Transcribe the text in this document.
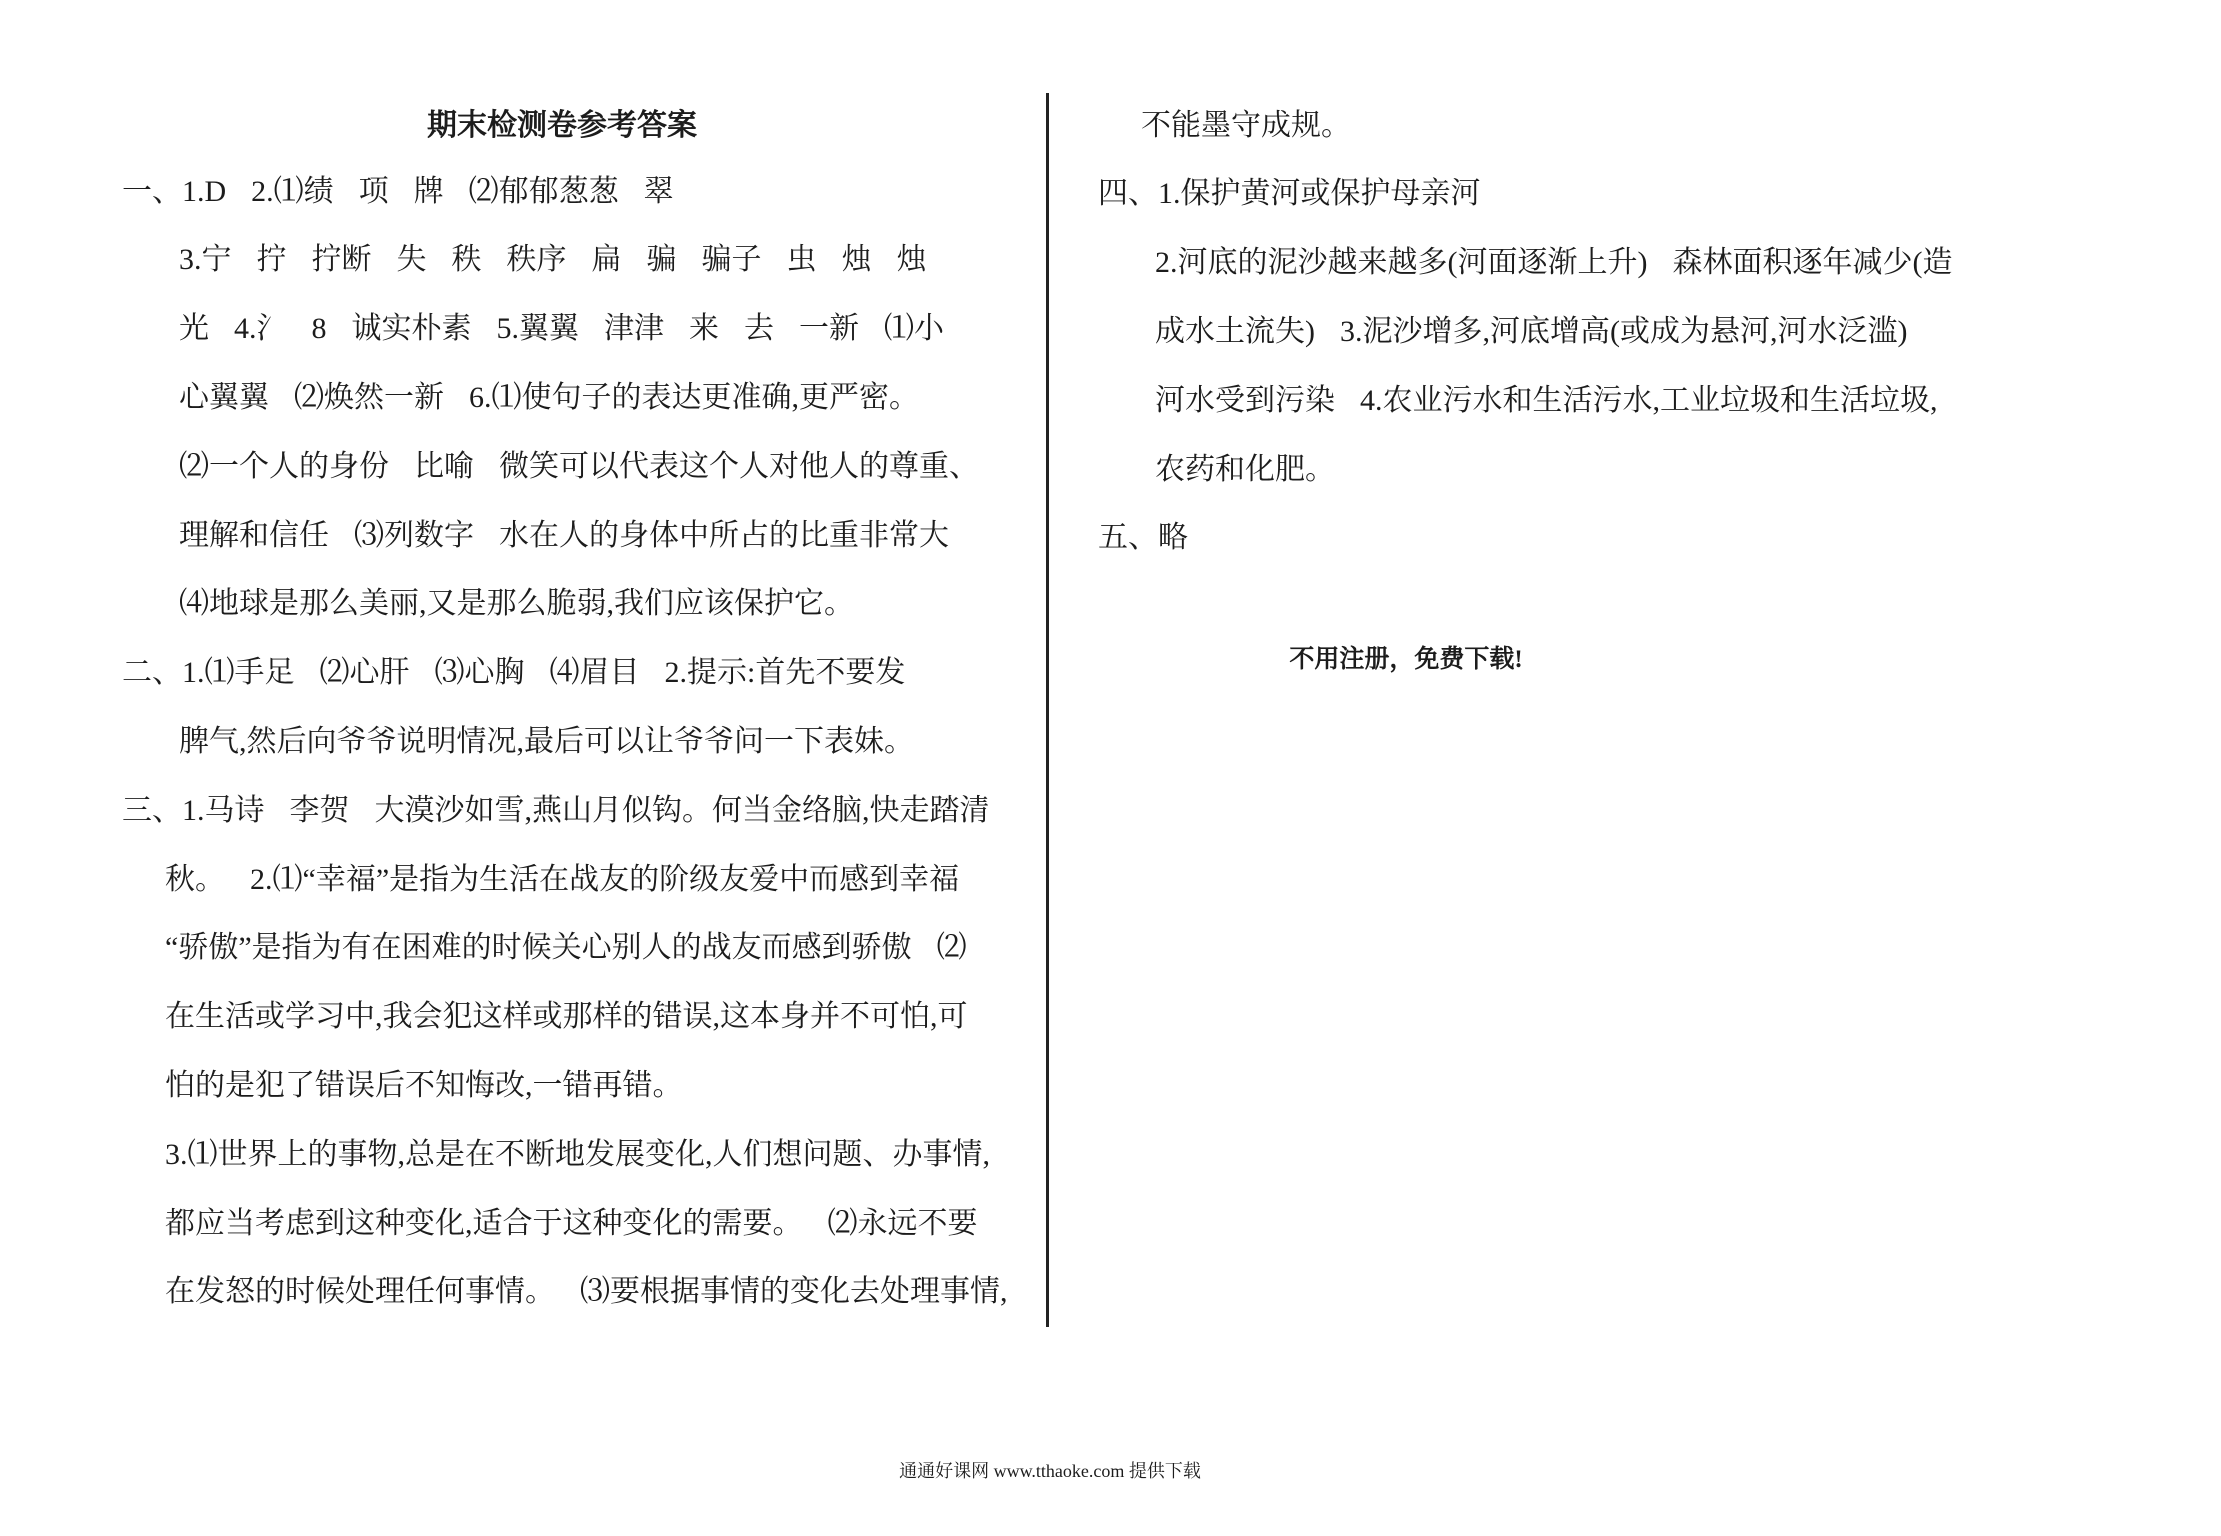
期末检测卷参考答案
一、1.D  2.⑴绩  项  牌  ⑵郁郁葱葱  翠
3.宁  拧  拧断  失  秩  秩序  扁  骗  骗子  虫  烛  烛
光  4.氵  8  诚实朴素  5.翼翼  津津  来  去  一新  ⑴小
心翼翼  ⑵焕然一新  6.⑴使句子的表达更准确,更严密。
⑵一个人的身份  比喻  微笑可以代表这个人对他人的尊重、
理解和信任  ⑶列数字  水在人的身体中所占的比重非常大
⑷地球是那么美丽,又是那么脆弱,我们应该保护它。
二、1.⑴手足  ⑵心肝  ⑶心胸  ⑷眉目  2.提示:首先不要发
脾气,然后向爷爷说明情况,最后可以让爷爷问一下表妹。
三、1.马诗  李贺  大漠沙如雪,燕山月似钩。何当金络脑,快走踏清
秋。  2.⑴“幸福”是指为生活在战友的阶级友爱中而感到幸福
“骄傲”是指为有在困难的时候关心别人的战友而感到骄傲  ⑵
在生活或学习中,我会犯这样或那样的错误,这本身并不可怕,可
怕的是犯了错误后不知悔改,一错再错。
3.⑴世界上的事物,总是在不断地发展变化,人们想问题、办事情,
都应当考虑到这种变化,适合于这种变化的需要。  ⑵永远不要
在发怒的时候处理任何事情。  ⑶要根据事情的变化去处理事情,
不能墨守成规。
四、1.保护黄河或保护母亲河
2.河底的泥沙越来越多(河面逐渐上升)  森林面积逐年减少(造
成水土流失)  3.泥沙增多,河底增高(或成为悬河,河水泛滥)
河水受到污染  4.农业污水和生活污水,工业垃圾和生活垃圾,
农药和化肥。
五、略
不用注册，免费下载!
通通好课网 www.tthaoke.com 提供下载
